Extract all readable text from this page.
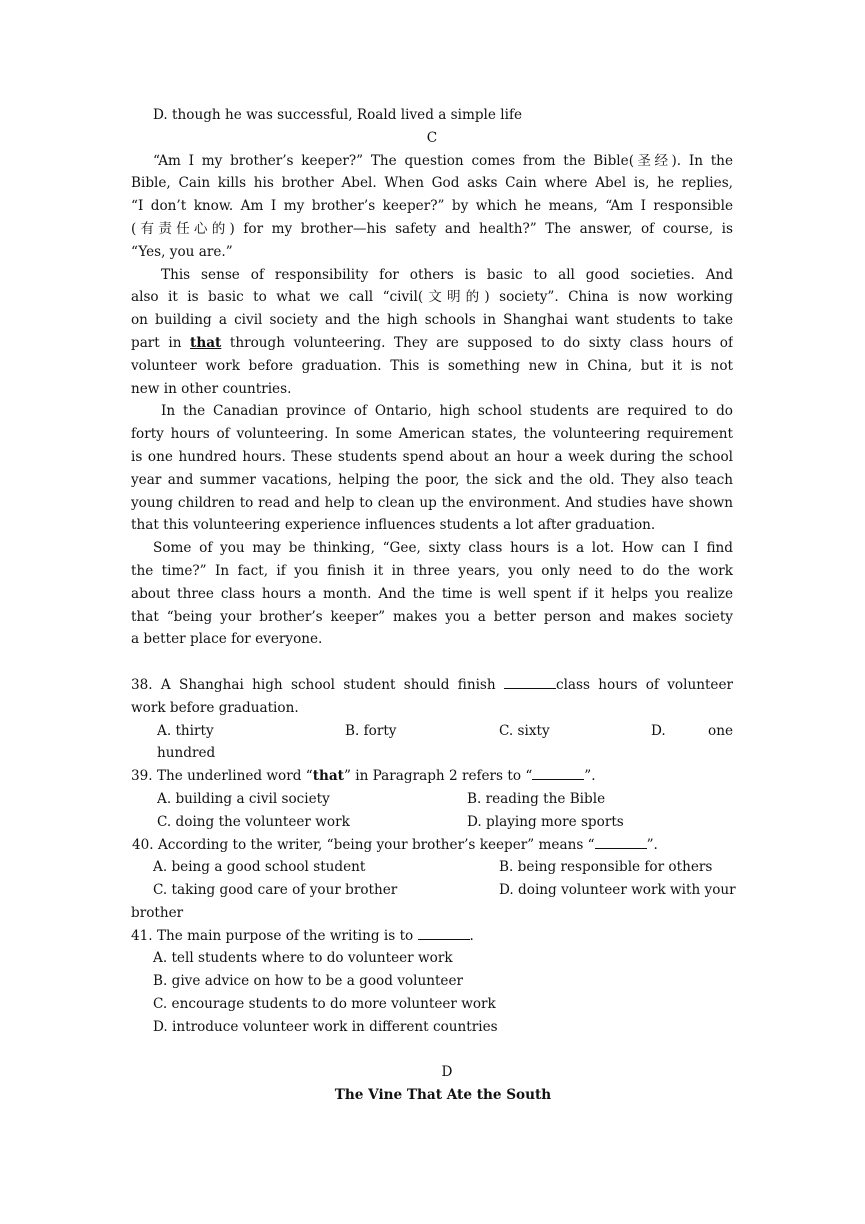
D. though he was successful, Roald lived a simple life
C
“Am I my brother’s keeper?” The question comes from the Bible(圣经). In the
Bible, Cain kills his brother Abel. When God asks Cain where Abel is, he replies,
“I don’t know. Am I my brother’s keeper?” by which he means, “Am I responsible
(有责任心的) for my brother—his safety and health?” The answer, of course, is
“Yes, you are.”
This sense of responsibility for others is basic to all good societies. And
also it is basic to what we call “civil(文明的) society”. China is now working
on building a civil society and the high schools in Shanghai want students to take
part in that through volunteering. They are supposed to do sixty class hours of
volunteer work before graduation. This is something new in China, but it is not
new in other countries.
In the Canadian province of Ontario, high school students are required to do
forty hours of volunteering. In some American states, the volunteering requirement
is one hundred hours. These students spend about an hour a week during the school
year and summer vacations, helping the poor, the sick and the old. They also teach
young children to read and help to clean up the environment. And studies have shown
that this volunteering experience influences students a lot after graduation.
Some of you may be thinking, “Gee, sixty class hours is a lot. How can I find
the time?” In fact, if you finish it in three years, you only need to do the work
about three class hours a month. And the time is well spent if it helps you realize
that “being your brother’s keeper” makes you a better person and makes society
a better place for everyone.
38. A Shanghai high school student should finish	class hours of volunteer
work before graduation.
A. thirty	B. forty	C. sixty	D.	one
hundred
39. The underlined word “that” in Paragraph 2 refers to “	”.
A. building a civil society	B. reading the Bible
C. doing the volunteer work	D. playing more sports
40. According to the writer, “being your brother’s keeper” means “	”.
A. being a good school student	B. being responsible for others
C. taking good care of your brother	D. doing volunteer work with your
brother
41. The main purpose of the writing is to	.
A. tell students where to do volunteer work
B. give advice on how to be a good volunteer
C. encourage students to do more volunteer work
D. introduce volunteer work in different countries
D
The Vine That Ate the South
